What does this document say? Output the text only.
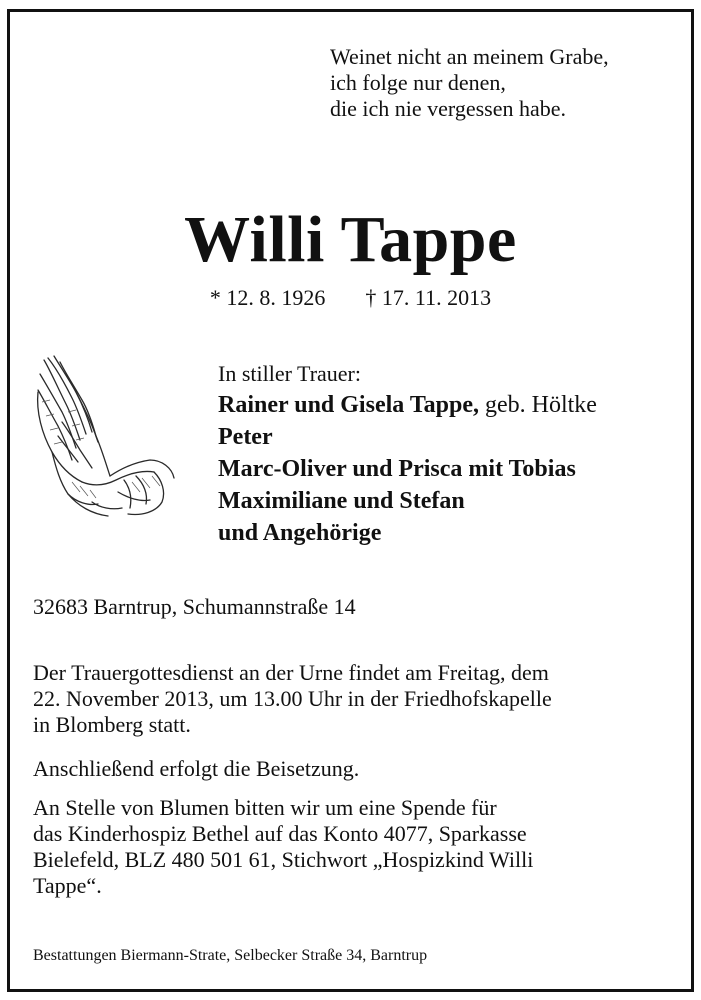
Weinet nicht an meinem Grabe,
ich folge nur denen,
die ich nie vergessen habe.
Willi Tappe
* 12. 8. 1926 † 17. 11. 2013
In stiller Trauer:
Rainer und Gisela Tappe, geb. Höltke
Peter
Marc-Oliver und Prisca mit Tobias
Maximiliane und Stefan
und Angehörige
32683 Barntrup, Schumannstraße 14
Der Trauergottesdienst an der Urne findet am Freitag, dem
22. November 2013, um 13.00 Uhr in der Friedhofskapelle
in Blomberg statt.
Anschließend erfolgt die Beisetzung.
An Stelle von Blumen bitten wir um eine Spende für
das Kinderhospiz Bethel auf das Konto 4077, Sparkasse
Bielefeld, BLZ 480 501 61, Stichwort „Hospizkind Willi
Tappe“.
Bestattungen Biermann-Strate, Selbecker Straße 34, Barntrup
